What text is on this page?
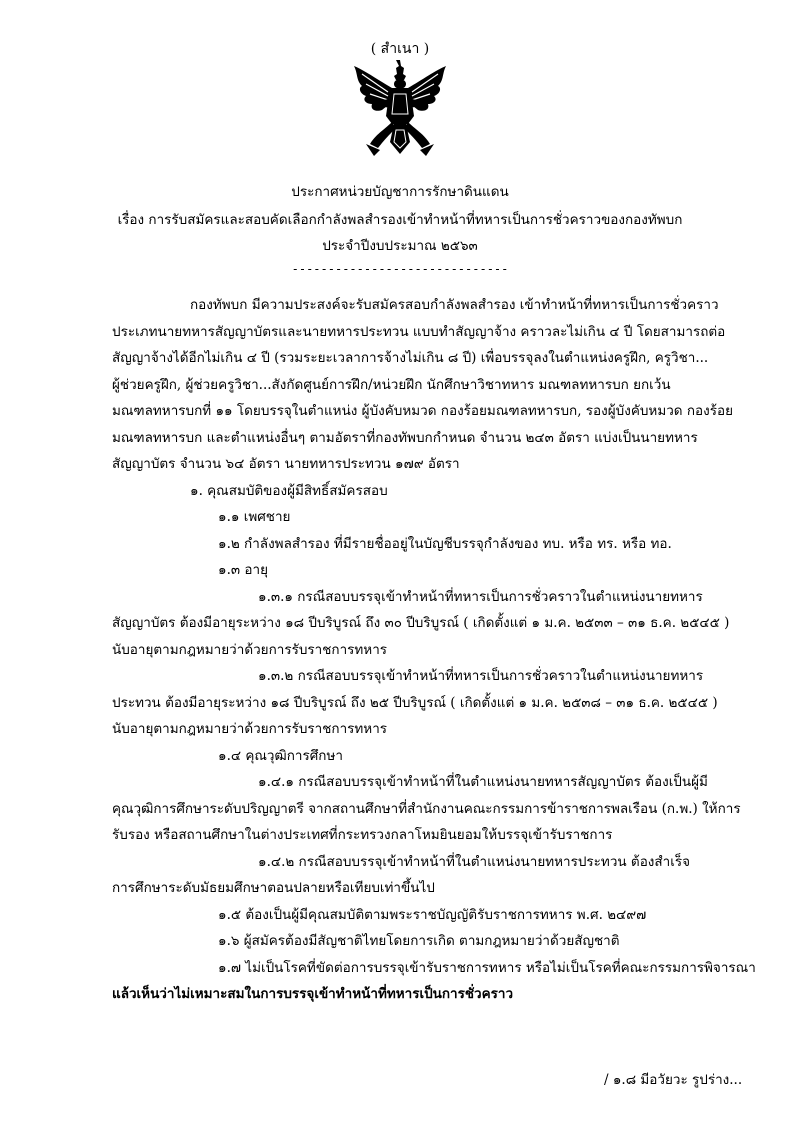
( สำเนา )
ประกาศหน่วยบัญชาการรักษาดินแดน
เรื่อง การรับสมัครและสอบคัดเลือกกำลังพลสำรองเข้าทำหน้าที่ทหารเป็นการชั่วคราวของกองทัพบก
ประจำปีงบประมาณ ๒๕๖๓
------------------------------
กองทัพบก มีความประสงค์จะรับสมัครสอบกำลังพลสำรอง เข้าทำหน้าที่ทหารเป็นการชั่วคราว
ประเภทนายทหารสัญญาบัตรและนายทหารประทวน แบบทำสัญญาจ้าง คราวละไม่เกิน ๔ ปี โดยสามารถต่อ
สัญญาจ้างได้อีกไม่เกิน ๔ ปี (รวมระยะเวลาการจ้างไม่เกิน ๘ ปี) เพื่อบรรจุลงในตำแหน่งครูฝึก, ครูวิชา...
ผู้ช่วยครูฝึก, ผู้ช่วยครูวิชา...สังกัดศูนย์การฝึก/หน่วยฝึก นักศึกษาวิชาทหาร มณฑลทหารบก ยกเว้น
มณฑลทหารบกที่ ๑๑ โดยบรรจุในตำแหน่ง ผู้บังคับหมวด กองร้อยมณฑลทหารบก, รองผู้บังคับหมวด กองร้อย
มณฑลทหารบก และตำแหน่งอื่นๆ ตามอัตราที่กองทัพบกกำหนด จำนวน ๒๔๓ อัตรา แบ่งเป็นนายทหาร
สัญญาบัตร จำนวน ๖๔ อัตรา นายทหารประทวน ๑๗๙ อัตรา
๑. คุณสมบัติของผู้มีสิทธิ์สมัครสอบ
๑.๑ เพศชาย
๑.๒ กำลังพลสำรอง ที่มีรายชื่ออยู่ในบัญชีบรรจุกำลังของ ทบ. หรือ ทร. หรือ ทอ.
๑.๓ อายุ
๑.๓.๑ กรณีสอบบรรจุเข้าทำหน้าที่ทหารเป็นการชั่วคราวในตำแหน่งนายทหาร
สัญญาบัตร ต้องมีอายุระหว่าง ๑๘ ปีบริบูรณ์ ถึง ๓๐ ปีบริบูรณ์ ( เกิดตั้งแต่ ๑ ม.ค. ๒๕๓๓ – ๓๑ ธ.ค. ๒๕๔๕ )
นับอายุตามกฎหมายว่าด้วยการรับราชการทหาร
๑.๓.๒ กรณีสอบบรรจุเข้าทำหน้าที่ทหารเป็นการชั่วคราวในตำแหน่งนายทหาร
ประทวน ต้องมีอายุระหว่าง ๑๘ ปีบริบูรณ์ ถึง ๒๕ ปีบริบูรณ์ ( เกิดตั้งแต่ ๑ ม.ค. ๒๕๓๘ – ๓๑ ธ.ค. ๒๕๔๕ )
นับอายุตามกฎหมายว่าด้วยการรับราชการทหาร
๑.๔ คุณวุฒิการศึกษา
๑.๔.๑ กรณีสอบบรรจุเข้าทำหน้าที่ในตำแหน่งนายทหารสัญญาบัตร ต้องเป็นผู้มี
คุณวุฒิการศึกษาระดับปริญญาตรี จากสถานศึกษาที่สำนักงานคณะกรรมการข้าราชการพลเรือน (ก.พ.) ให้การ
รับรอง หรือสถานศึกษาในต่างประเทศที่กระทรวงกลาโหมยินยอมให้บรรจุเข้ารับราชการ
๑.๔.๒ กรณีสอบบรรจุเข้าทำหน้าที่ในตำแหน่งนายทหารประทวน ต้องสำเร็จ
การศึกษาระดับมัธยมศึกษาตอนปลายหรือเทียบเท่าขึ้นไป
๑.๕ ต้องเป็นผู้มีคุณสมบัติตามพระราชบัญญัติรับราชการทหาร พ.ศ. ๒๔๙๗
๑.๖ ผู้สมัครต้องมีสัญชาติไทยโดยการเกิด ตามกฎหมายว่าด้วยสัญชาติ
๑.๗ ไม่เป็นโรคที่ขัดต่อการบรรจุเข้ารับราชการทหาร หรือไม่เป็นโรคที่คณะกรรมการพิจารณา
แล้วเห็นว่าไม่เหมาะสมในการบรรจุเข้าทำหน้าที่ทหารเป็นการชั่วคราว
/ ๑.๘ มีอวัยวะ รูปร่าง...
